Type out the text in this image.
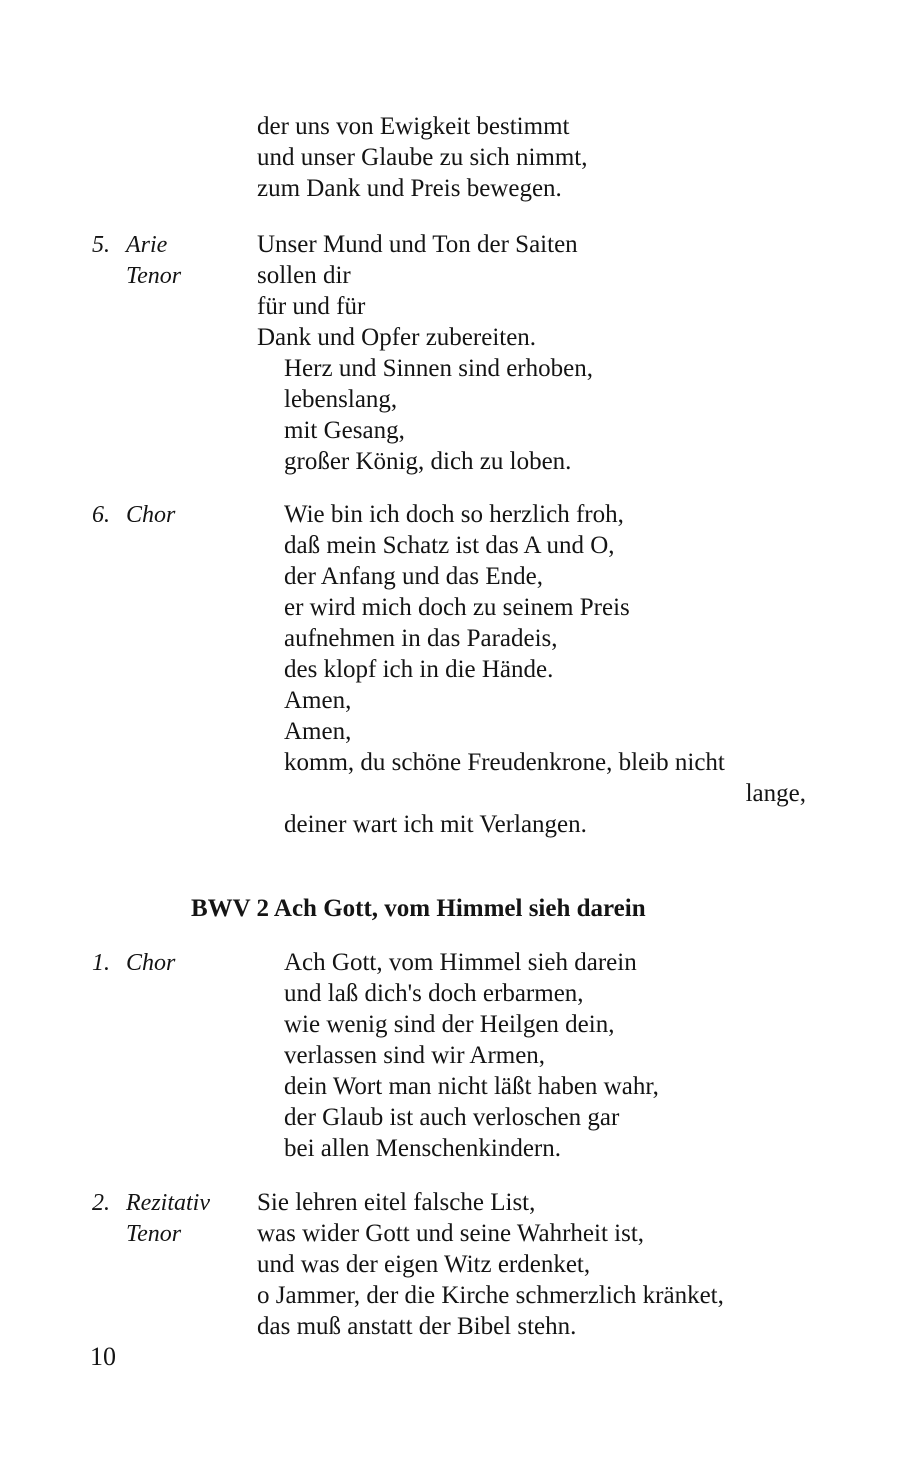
der uns von Ewigkeit bestimmt
und unser Glaube zu sich nimmt,
zum Dank und Preis bewegen.
5. Arie
Tenor
Unser Mund und Ton der Saiten
sollen dir
für und für
Dank und Opfer zubereiten.
Herz und Sinnen sind erhoben,
lebenslang,
mit Gesang,
großer König, dich zu loben.
6. Chor	Wie bin ich doch so herzlich froh,
daß mein Schatz ist das A und O,
der Anfang und das Ende,
er wird mich doch zu seinem Preis
aufnehmen in das Paradeis,
des klopf ich in die Hände.
Amen,
Amen,
komm, du schöne Freudenkrone, bleib nicht
lange,
deiner wart ich mit Verlangen.
BWV 2 Ach Gott, vom Himmel sieh darein
1. Chor	Ach Gott, vom Himmel sieh darein
und laß dich's doch erbarmen,
wie wenig sind der Heilgen dein,
verlassen sind wir Armen,
dein Wort man nicht läßt haben wahr,
der Glaub ist auch verloschen gar
bei allen Menschenkindern.
2. Rezitativ
Tenor
Sie lehren eitel falsche List,
was wider Gott und seine Wahrheit ist,
und was der eigen Witz erdenket,
o Jammer, der die Kirche schmerzlich kränket,
das muß anstatt der Bibel stehn.
10
